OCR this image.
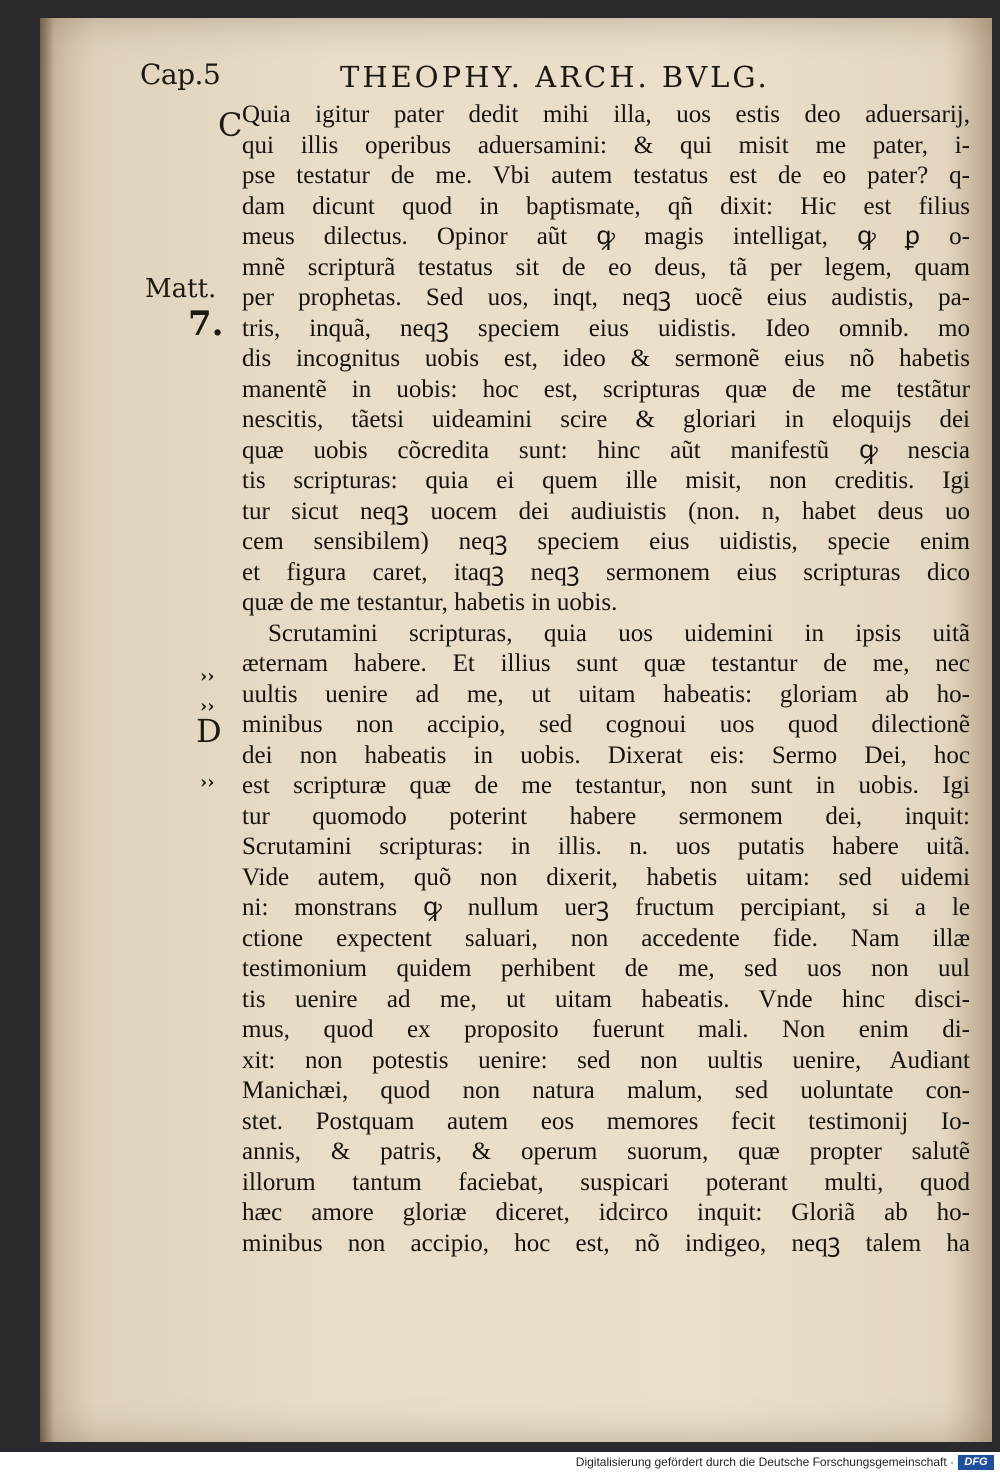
Cap.5	THEOPHY. ARCH. BVLG.
C
Matt.
7.
››
››
D
››
Quia igitur pater dedit mihi illa, uos estis deo aduersarij,
qui illis operibus aduersamini: & qui misit me pater, i-
pse testatur de me. Vbi autem testatus est de eo pater? q-
dam dicunt quod in baptismate, qñ dixit: Hic est filius
meus dilectus. Opinor aũt ꝙ magis intelligat, ꝙ ꝑ o-
mnẽ scripturã testatus sit de eo deus, tã per legem, quam
per prophetas. Sed uos, inqt, neqꝫ uocẽ eius audistis, pa-
tris, inquã, neqꝫ speciem eius uidistis. Ideo omnib. mo
dis incognitus uobis est, ideo & sermonẽ eius nõ habetis
manentẽ in uobis: hoc est, scripturas quæ de me testãtur
nescitis, tãetsi uideamini scire & gloriari in eloquijs dei
quæ uobis cõcredita sunt: hinc aũt manifestũ ꝙ nescia
tis scripturas: quia ei quem ille misit, non creditis. Igi
tur sicut neqꝫ uocem dei audiuistis (non. n, habet deus uo
cem sensibilem) neqꝫ speciem eius uidistis, speciе enim
et figura caret, itaqꝫ neqꝫ sermonem eius scripturas dico
quæ de me testantur, habetis in uobis.
Scrutamini scripturas, quia uos uidemini in ipsis uitã
æternam habere. Et illius sunt quæ testantur de me, nec
uultis uenire ad me, ut uitam habeatis: gloriam ab ho-
minibus non accipio, sed cognoui uos quod dilectionẽ
dei non habeatis in uobis. Dixerat eis: Sermo Dei, hoc
est scripturæ quæ de me testantur, non sunt in uobis. Igi
tur quomodo poterint habere sermonem dei, inquit:
Scrutamini scripturas: in illis. n. uos putatis habere uitã.
Vide autem, quõ non dixerit, habetis uitam: sed uidemi
ni: monstrans ꝙ nullum uerꝫ fructum percipiant, si a le
ctione expectent saluari, non accedente fide. Nam illæ
testimonium quidem perhibent de me, sed uos non uul
tis uenire ad me, ut uitam habeatis. Vnde hinc disci-
mus, quod ex proposito fuerunt mali. Non enim di-
xit: non potestis uenire: sed non uultis uenire, Audiant
Manichæi, quod non natura malum, sed uoluntate con-
stet. Postquam autem eos memores fecit testimonij Io-
annis, & patris, & operum suorum, quæ propter salutẽ
illorum tantum faciebat, suspicari poterant multi, quod
hæc amore gloriæ diceret, idcirco inquit: Gloriã ab ho-
minibus non accipio, hoc est, nõ indigeo, neqꝫ talem ha
Digitalisierung gefördert durch die Deutsche Forschungsgemeinschaft · DFG
